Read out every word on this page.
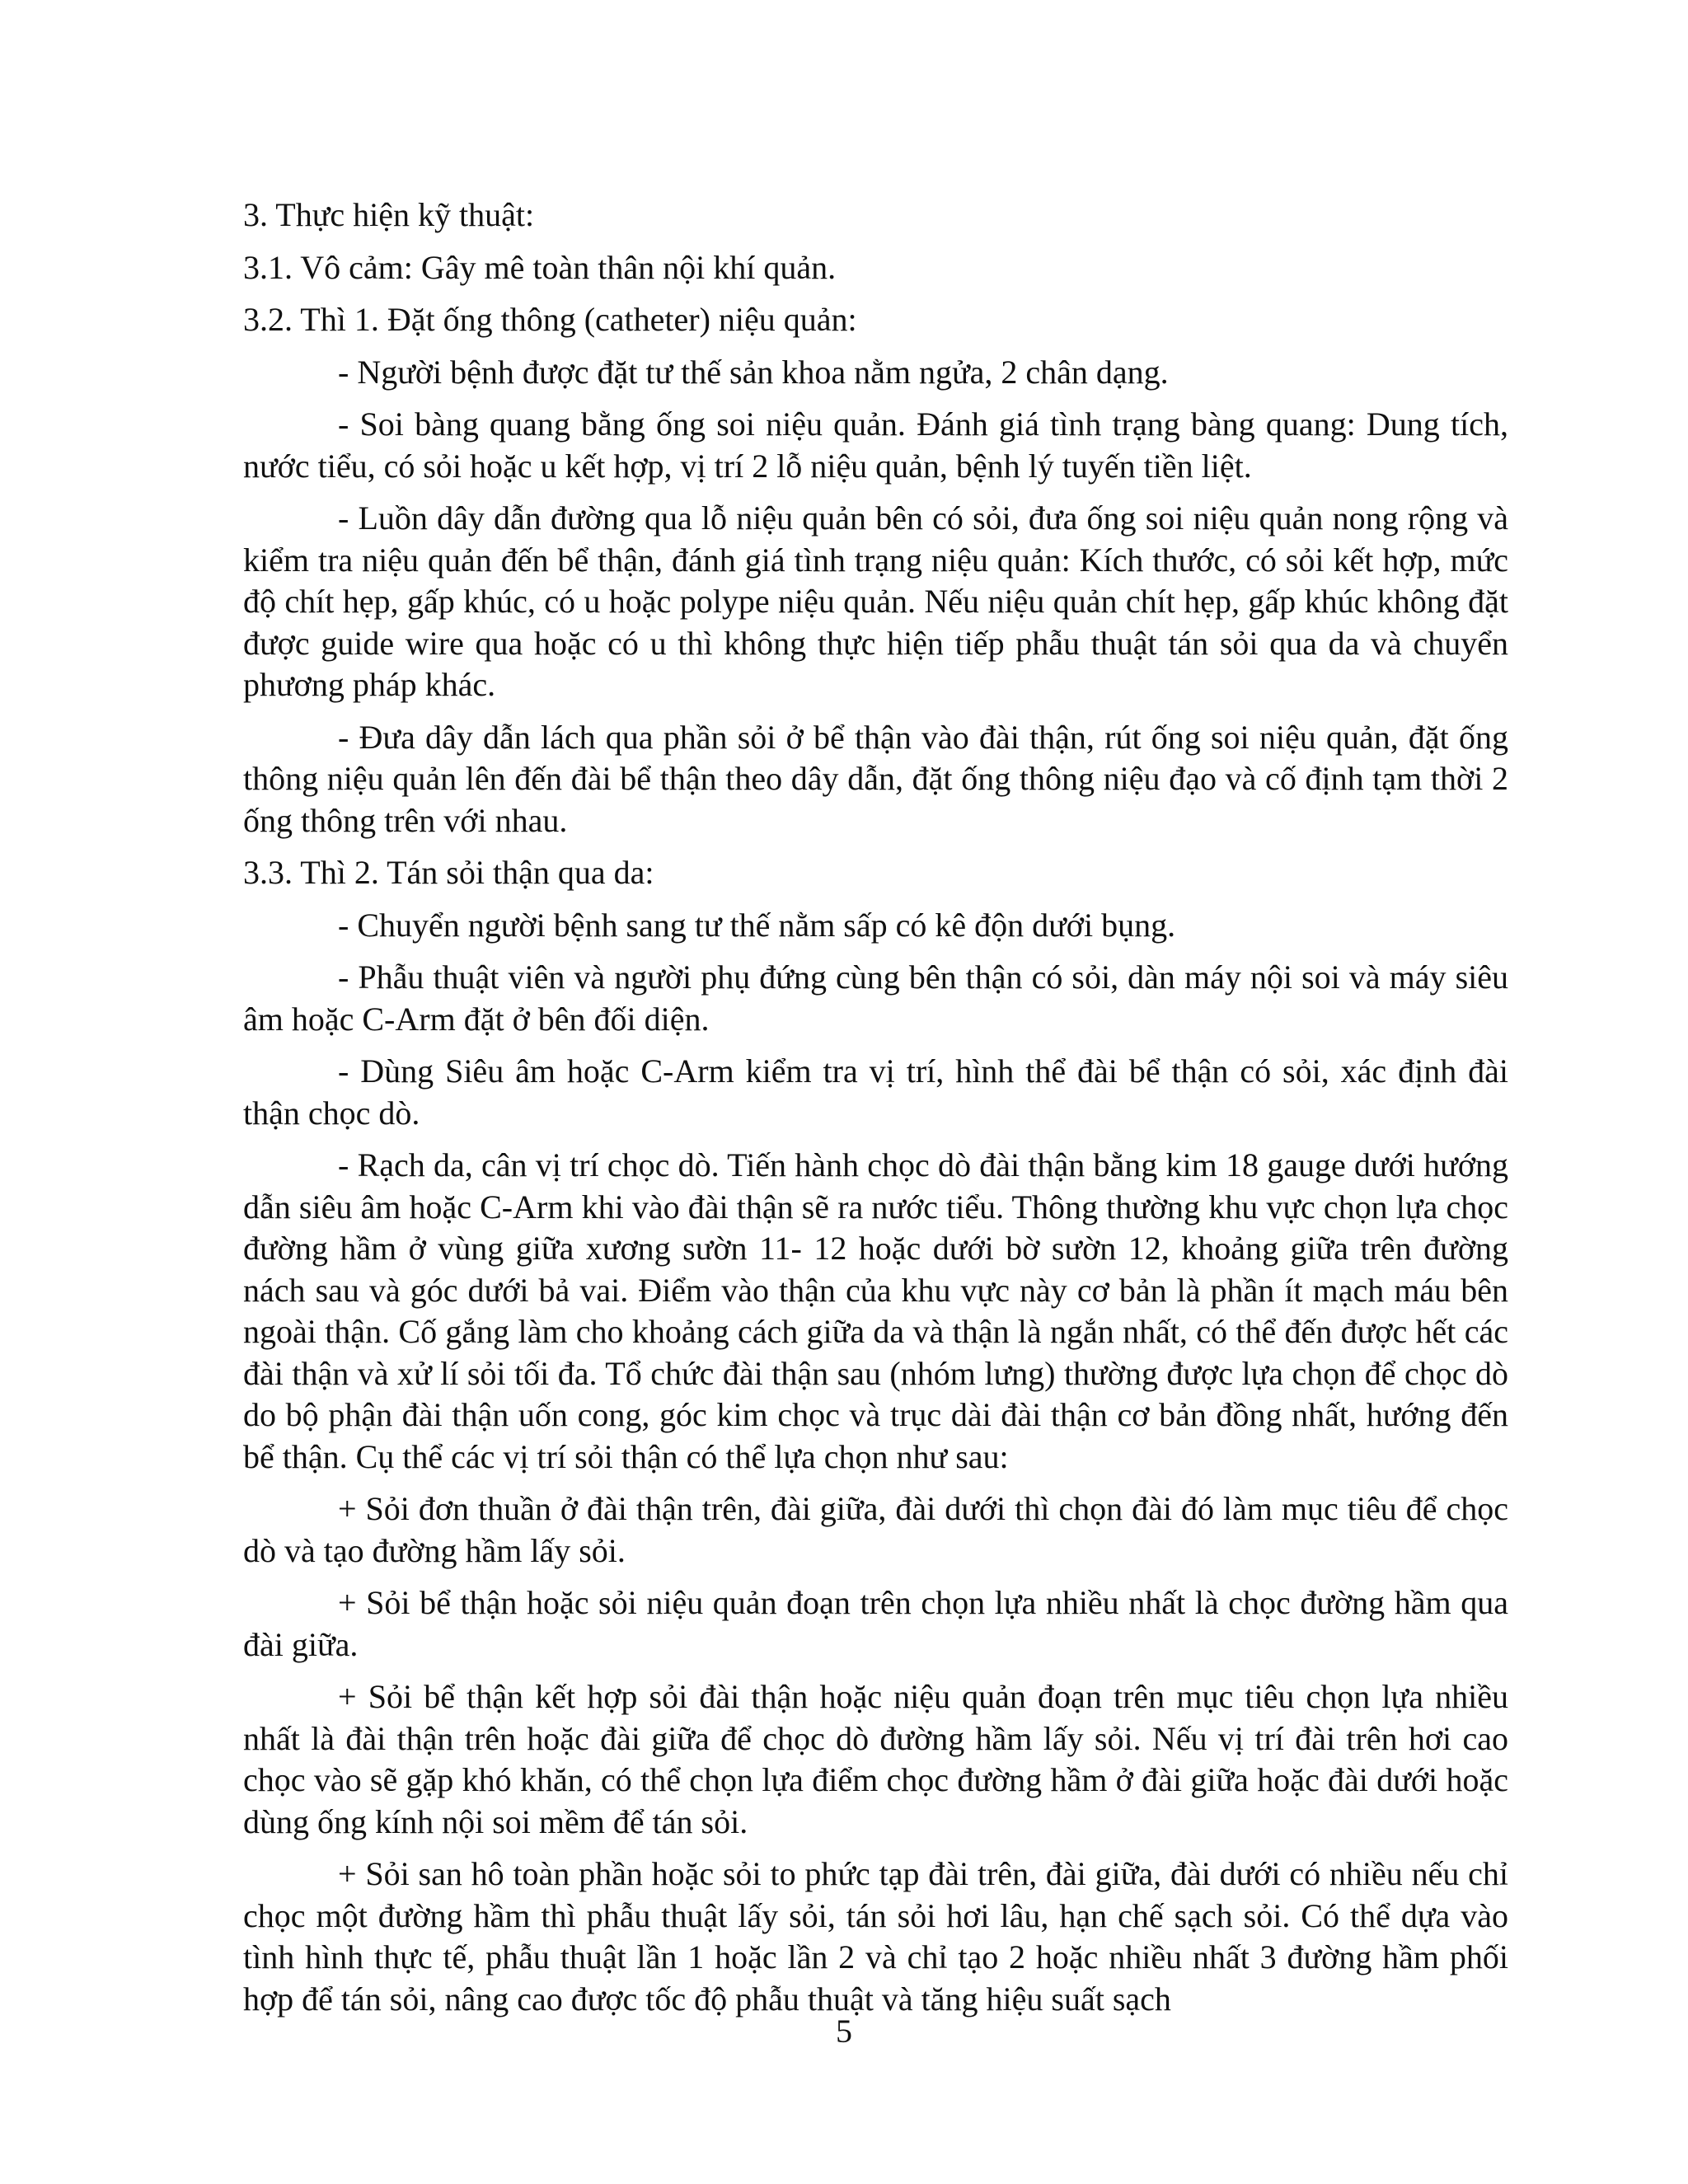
3. Thực hiện kỹ thuật:

3.1. Vô cảm: Gây mê toàn thân nội khí quản.

3.2. Thì 1. Đặt ống thông (catheter) niệu quản:

- Người bệnh được đặt tư thế sản khoa nằm ngửa, 2 chân dạng.

- Soi bàng quang bằng ống soi niệu quản. Đánh giá tình trạng bàng quang: Dung tích, nước tiểu, có sỏi hoặc u kết hợp, vị trí 2 lỗ niệu quản, bệnh lý tuyến tiền liệt.

- Luồn dây dẫn đường qua lỗ niệu quản bên có sỏi, đưa ống soi niệu quản nong rộng và kiểm tra niệu quản đến bể thận, đánh giá tình trạng niệu quản: Kích thước, có sỏi kết hợp, mức độ chít hẹp, gấp khúc, có u hoặc polype niệu quản. Nếu niệu quản chít hẹp, gấp khúc không đặt được guide wire qua hoặc có u thì không thực hiện tiếp phẫu thuật tán sỏi qua da và chuyển phương pháp khác.

- Đưa dây dẫn lách qua phần sỏi ở bể thận vào đài thận, rút ống soi niệu quản, đặt ống thông niệu quản lên đến đài bể thận theo dây dẫn, đặt ống thông niệu đạo và cố định tạm thời 2 ống thông trên với nhau.

3.3. Thì 2. Tán sỏi thận qua da:

- Chuyển người bệnh sang tư thế nằm sấp có kê độn dưới bụng.

- Phẫu thuật viên và người phụ đứng cùng bên thận có sỏi, dàn máy nội soi và máy siêu âm hoặc C-Arm đặt ở bên đối diện.

- Dùng Siêu âm hoặc C-Arm kiểm tra vị trí, hình thể đài bể thận có sỏi, xác định đài thận chọc dò.

- Rạch da, cân vị trí chọc dò. Tiến hành chọc dò đài thận bằng kim 18 gauge dưới hướng dẫn siêu âm hoặc C-Arm khi vào đài thận sẽ ra nước tiểu. Thông thường khu vực chọn lựa chọc đường hầm ở vùng giữa xương sườn 11- 12 hoặc dưới bờ sườn 12, khoảng giữa trên đường nách sau và góc dưới bả vai. Điểm vào thận của khu vực này cơ bản là phần ít mạch máu bên ngoài thận. Cố gắng làm cho khoảng cách giữa da và thận là ngắn nhất, có thể đến được hết các đài thận và xử lí sỏi tối đa. Tổ chức đài thận sau (nhóm lưng) thường được lựa chọn để chọc dò do bộ phận đài thận uốn cong, góc kim chọc và trục dài đài thận cơ bản đồng nhất, hướng đến bể thận. Cụ thể các vị trí sỏi thận có thể lựa chọn như sau:

+ Sỏi đơn thuần ở đài thận trên, đài giữa, đài dưới thì chọn đài đó làm mục tiêu để chọc dò và tạo đường hầm lấy sỏi.

+ Sỏi bể thận hoặc sỏi niệu quản đoạn trên chọn lựa nhiều nhất là chọc đường hầm qua đài giữa.

+ Sỏi bể thận kết hợp sỏi đài thận hoặc niệu quản đoạn trên mục tiêu chọn lựa nhiều nhất là đài thận trên hoặc đài giữa để chọc dò đường hầm lấy sỏi. Nếu vị trí đài trên hơi cao chọc vào sẽ gặp khó khăn, có thể chọn lựa điểm chọc đường hầm ở đài giữa hoặc đài dưới hoặc dùng ống kính nội soi mềm để tán sỏi.

+ Sỏi san hô toàn phần hoặc sỏi to phức tạp đài trên, đài giữa, đài dưới có nhiều nếu chỉ chọc một đường hầm thì phẫu thuật lấy sỏi, tán sỏi hơi lâu, hạn chế sạch sỏi. Có thể dựa vào tình hình thực tế, phẫu thuật lần 1 hoặc lần 2 và chỉ tạo 2 hoặc nhiều nhất 3 đường hầm phối hợp để tán sỏi, nâng cao được tốc độ phẫu thuật và tăng hiệu suất sạch

5
